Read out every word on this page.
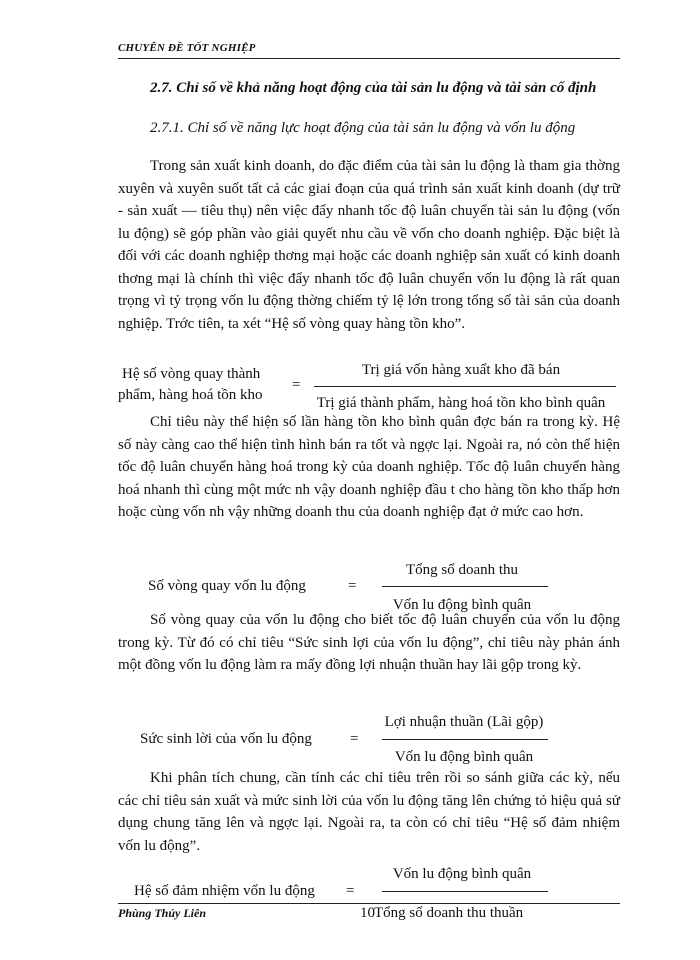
CHUYÊN ĐỀ TỐT NGHIỆP
2.7. Chỉ số về khả năng hoạt động của tài sản lu động và tài sản cố định
2.7.1. Chỉ số về năng lực hoạt động của tài sản lu động và vốn lu động
Trong sản xuất kinh doanh, do đặc điểm của tài sản lu động là tham gia thờng xuyên và xuyên suốt tất cả các giai đoạn của quá trình sản xuất kinh doanh (dự trữ - sản xuất — tiêu thụ) nên việc đẩy nhanh tốc độ luân chuyển tài sản lu động (vốn lu động) sẽ góp phần vào giải quyết nhu cầu về vốn cho doanh nghiệp. Đặc biệt là đối với các doanh nghiệp thơng mại hoặc các doanh nghiệp sản xuất có kinh doanh thơng mại là chính thì việc đẩy nhanh tốc độ luân chuyển vốn lu động là rất quan trọng vì tỷ trọng vốn lu động thờng chiếm tỷ lệ lớn trong tổng số tài sản của doanh nghiệp. Trớc tiên, ta xét “Hệ số vòng quay hàng tồn kho”.
Hệ số vòng quay thành
phẩm, hàng hoá tồn kho
=
Trị giá vốn hàng xuất kho đã bán
Trị giá thành phẩm, hàng hoá tồn kho bình quân
Chỉ tiêu này thể hiện số lần hàng tồn kho bình quân đợc bán ra trong kỳ. Hệ số này càng cao thể hiện tình hình bán ra tốt và ngợc lại. Ngoài ra, nó còn thể hiện tốc độ luân chuyển hàng hoá trong kỳ của doanh nghiệp. Tốc độ luân chuyển hàng hoá nhanh thì cùng một mức nh vậy doanh nghiệp đầu t cho hàng tồn kho thấp hơn hoặc cùng vốn nh vậy những doanh thu của doanh nghiệp đạt ở mức cao hơn.
Số vòng quay vốn lu động	=
Tổng số doanh thu
Vốn lu động bình quân
Số vòng quay của vốn lu động cho biết tốc độ luân chuyển của vốn lu động trong kỳ. Từ đó có chỉ tiêu “Sức sinh lợi của vốn lu động”, chỉ tiêu này phản ánh một đồng vốn lu động làm ra mấy đồng lợi nhuận thuần hay lãi gộp trong kỳ.
Sức sinh lời của vốn lu động	=
Lợi nhuận thuần (Lãi gộp)
Vốn lu động bình quân
Khi phân tích chung, cần tính các chỉ tiêu trên rồi so sánh giữa các kỳ, nếu các chỉ tiêu sản xuất và mức sinh lời của vốn lu động tăng lên chứng tỏ hiệu quả sử dụng chung tăng lên và ngợc lại. Ngoài ra, ta còn có chỉ tiêu “Hệ số đảm nhiệm vốn lu động”.
Hệ số đảm nhiệm vốn lu động =
Vốn lu động bình quân
Phùng Thúy Liên	10 Tổng số doanh thu thuần
